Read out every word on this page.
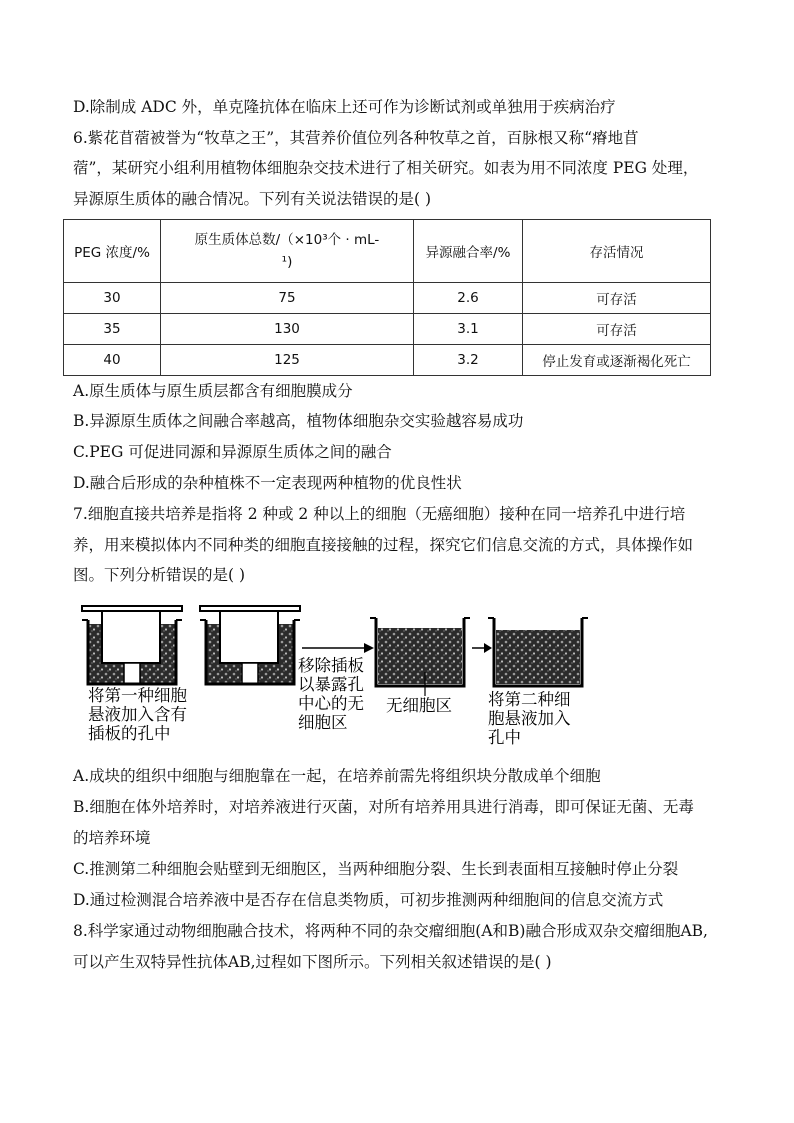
D.除制成 ADC 外，单克隆抗体在临床上还可作为诊断试剂或单独用于疾病治疗
6.紫花苜蓿被誉为“牧草之王”，其营养价值位列各种牧草之首，百脉根又称“瘠地苜
蓿”，某研究小组利用植物体细胞杂交技术进行了相关研究。如表为用不同浓度 PEG 处理，
异源原生质体的融合情况。下列有关说法错误的是( )
PEG 浓度/%	原生质体总数/（×10³个 · mL-
¹)	异源融合率/%	存活情况
30	75	2.6	可存活
35	130	3.1	可存活
40	125	3.2	停止发育或逐渐褐化死亡
A.原生质体与原生质层都含有细胞膜成分
B.异源原生质体之间融合率越高，植物体细胞杂交实验越容易成功
C.PEG 可促进同源和异源原生质体之间的融合
D.融合后形成的杂种植株不一定表现两种植物的优良性状
7.细胞直接共培养是指将 2 种或 2 种以上的细胞（无癌细胞）接种在同一培养孔中进行培
养，用来模拟体内不同种类的细胞直接接触的过程，探究它们信息交流的方式，具体操作如
图。下列分析错误的是( )
将第一种细胞
悬液加入含有
插板的孔中
移除插板
以暴露孔
中心的无
细胞区
无细胞区 将第二种细
胞悬液加入
孔中
A.成块的组织中细胞与细胞靠在一起，在培养前需先将组织块分散成单个细胞
B.细胞在体外培养时，对培养液进行灭菌，对所有培养用具进行消毒，即可保证无菌、无毒
的培养环境
C.推测第二种细胞会贴壁到无细胞区，当两种细胞分裂、生长到表面相互接触时停止分裂
D.通过检测混合培养液中是否存在信息类物质，可初步推测两种细胞间的信息交流方式
8.科学家通过动物细胞融合技术，将两种不同的杂交瘤细胞(A和B)融合形成双杂交瘤细胞AB,
可以产生双特异性抗体AB,过程如下图所示。下列相关叙述错误的是( )
